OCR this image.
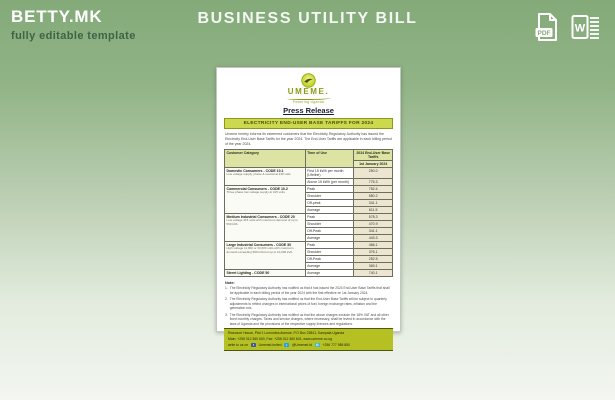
BETTY.MK
fully editable template
BUSINESS UTILITY BILL
PDF W
UMEME.
Powering Uganda
Press Release
ELECTRICITY END-USER BASE TARIFFS FOR 2024
Umeme hereby informs its esteemed customers that the Electricity Regulatory Authority has issued the Electricity End-User Base Tariffs for the year 2024. The End-User Tariffs are applicable in each billing period of the year 2024.
Customer Category	Time of Use	2024 End-User Base Tariffs
		1st January 2024

Domestic Consumers - CODE 10.1
Low voltage supply, phase & neutral at 240 volts	First 15 kWh per month (Lifeline)	250.0
	Above 15 kWh (per month)	775.3

Commercial Consumers - CODE 10.2
Three phase low voltage supply at 415 volts	Peak	752.4
	Shoulder	580.2
	Off-peak	341.1
	Average	611.5

Medium Industrial Consumers - CODE 20
Low voltage 415 volts with maximum demand of up to 500 kVA	Peak	578.3
	Shoulder	470.9
	Off-Peak	341.1
	Average	443.3

Large Industrial Consumers - CODE 30
High voltage 11,000 or 33,000 volts with maximum demand exceeding 500 kVA but up to 10,000 kVA	Peak	466.1
	Shoulder	376.1
	Off-Peak	252.5
	Average	369.1

Street Lighting - CODE 50	Average	740.1
Note:
1. The Electricity Regulatory Authority has notified us that it has issued the 2024 End-User Base Tariffs that shall be applicable in each billing period of the year 2024 with the first effective on 1st January 2024.
2. The Electricity Regulatory Authority has notified us that the End-User Base Tariffs will be subject to quarterly adjustments to reflect changes in international prices of fuel, foreign exchange rates, inflation and the generation mix.
3. The Electricity Regulatory Authority has notified us that the above charges exclude the 18% VAT and all other fixed monthly charges. Taxes and service charges, where necessary, shall be levied in accordance with the laws of Uganda and the provisions of the respective supply licences and regulations.
Rwenzori House, Plot 1 Lumumba Avenue, P.O Box 23841, Kampala Uganda
Main: +256 312 360 600, Fax: +256 312 360 601, www.umeme.co.ug
write to us on	f	UmemeLimited	t	@UmemeLtd	✆ +256 777 985 850
